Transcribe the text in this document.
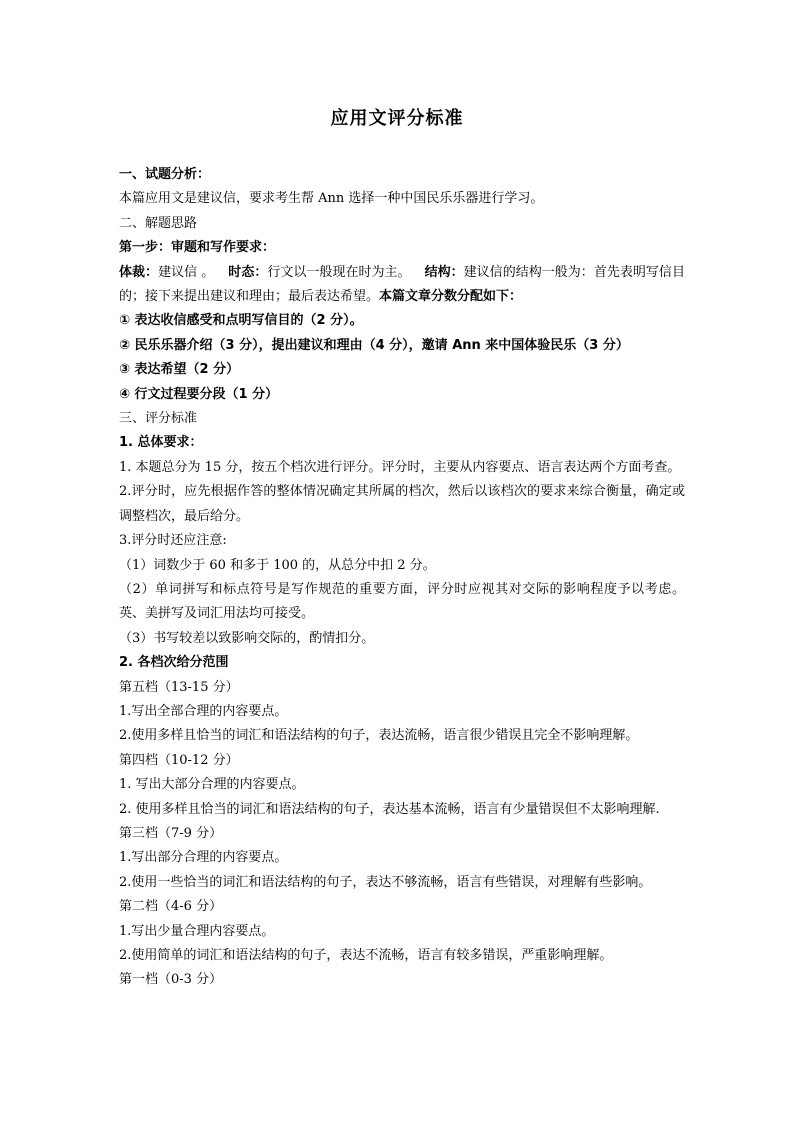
应用文评分标准
一、试题分析：
本篇应用文是建议信，要求考生帮 Ann 选择一种中国民乐乐器进行学习。
二、解题思路
第一步：审题和写作要求：
体裁：建议信 。 时态：行文以一般现在时为主。 结构：建议信的结构一般为：首先表明写信目的；接下来提出建议和理由；最后表达希望。本篇文章分数分配如下：
① 表达收信感受和点明写信目的（2 分）。
② 民乐乐器介绍（3 分），提出建议和理由（4 分），邀请 Ann 来中国体验民乐（3 分）
③ 表达希望（2 分）
④ 行文过程要分段（1 分）
三、评分标准
1. 总体要求：
1. 本题总分为 15 分，按五个档次进行评分。评分时，主要从内容要点、语言表达两个方面考查。
2.评分时，应先根据作答的整体情况确定其所属的档次，然后以该档次的要求来综合衡量，确定或调整档次，最后给分。
3.评分时还应注意:
（1）词数少于 60 和多于 100 的，从总分中扣 2 分。
（2）单词拼写和标点符号是写作规范的重要方面，评分时应视其对交际的影响程度予以考虑。英、美拼写及词汇用法均可接受。
（3）书写较差以致影响交际的，酌情扣分。
2. 各档次给分范围
第五档（13-15 分）
1.写出全部合理的内容要点。
2.使用多样且恰当的词汇和语法结构的句子，表达流畅，语言很少错误且完全不影响理解。
第四档（10-12 分）
1. 写出大部分合理的内容要点。
2. 使用多样且恰当的词汇和语法结构的句子，表达基本流畅，语言有少量错误但不太影响理解.
第三档（7-9 分）
1.写出部分合理的内容要点。
2.使用一些恰当的词汇和语法结构的句子，表达不够流畅，语言有些错误，对理解有些影响。
第二档（4-6 分）
1.写出少量合理内容要点。
2.使用简单的词汇和语法结构的句子，表达不流畅，语言有较多错误，严重影响理解。
第一档（0-3 分）
